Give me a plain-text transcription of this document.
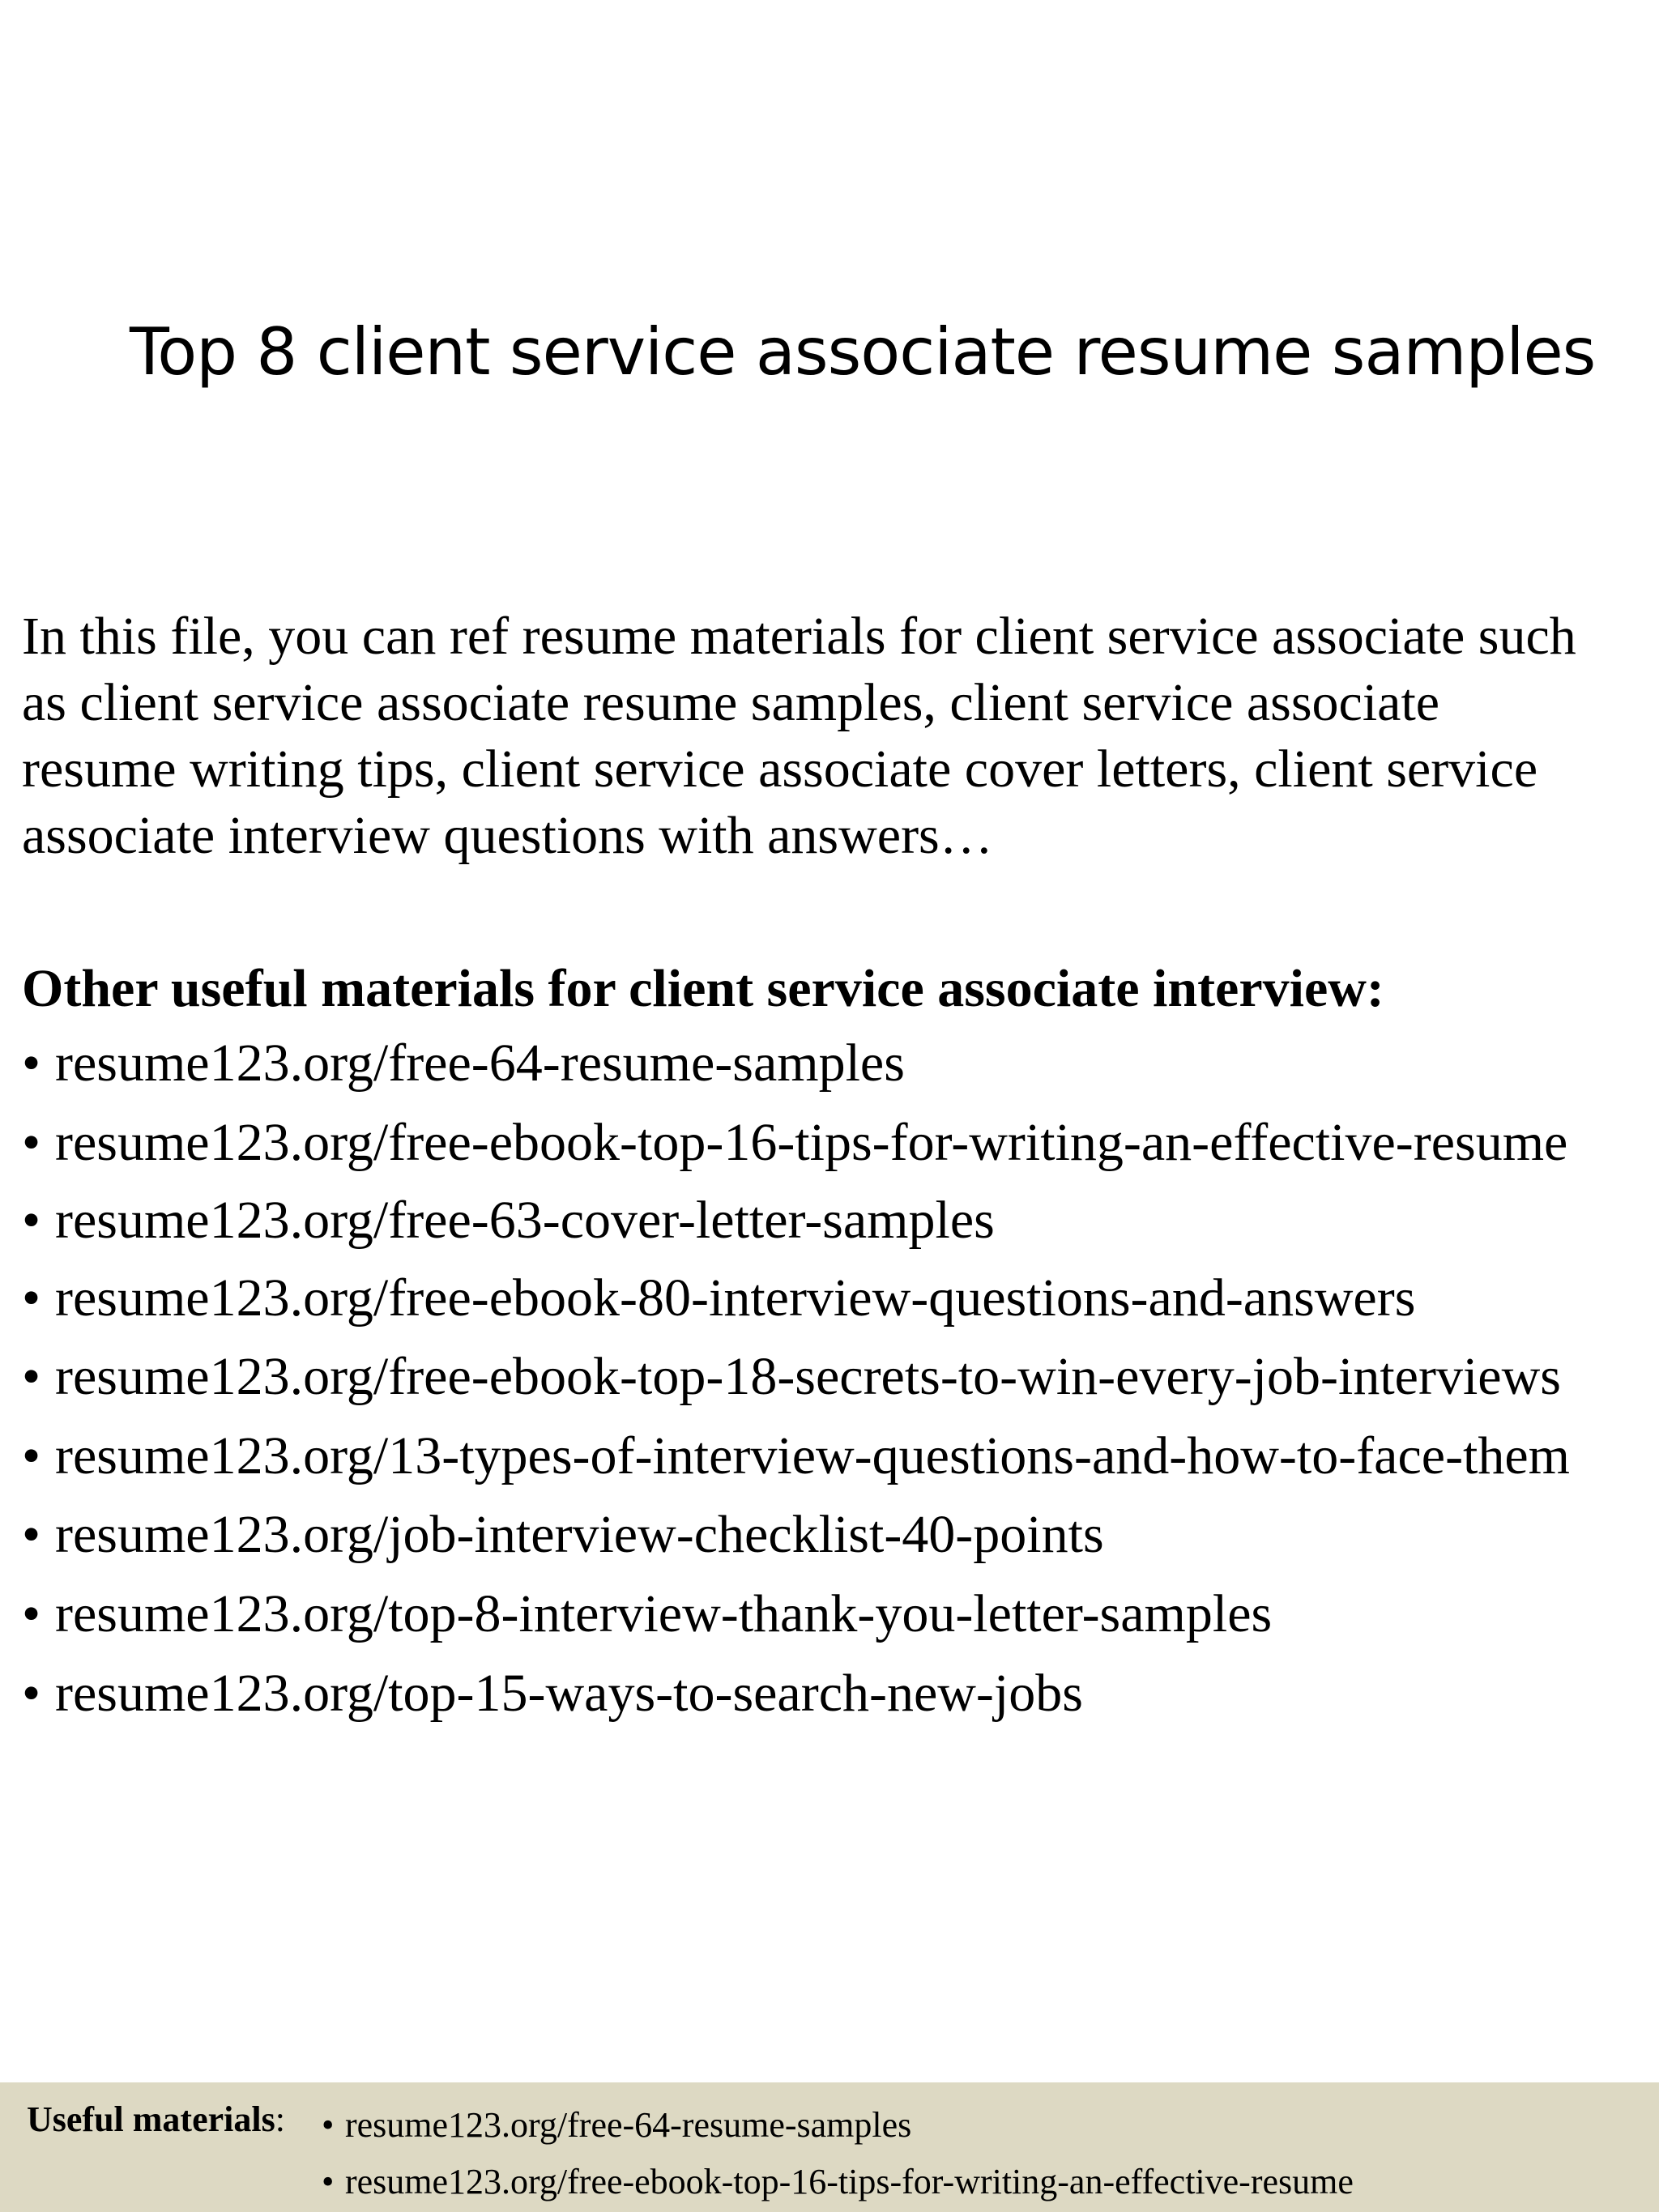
Top 8 client service associate resume samples

In this file, you can ref resume materials for client service associate such
as client service associate resume samples, client service associate
resume writing tips, client service associate cover letters, client service
associate interview questions with answers…

Other useful materials for client service associate interview:
• resume123.org/free-64-resume-samples
• resume123.org/free-ebook-top-16-tips-for-writing-an-effective-resume
• resume123.org/free-63-cover-letter-samples
• resume123.org/free-ebook-80-interview-questions-and-answers
• resume123.org/free-ebook-top-18-secrets-to-win-every-job-interviews
• resume123.org/13-types-of-interview-questions-and-how-to-face-them
• resume123.org/job-interview-checklist-40-points
• resume123.org/top-8-interview-thank-you-letter-samples
• resume123.org/top-15-ways-to-search-new-jobs
Useful materials: • resume123.org/free-64-resume-samples
• resume123.org/free-ebook-top-16-tips-for-writing-an-effective-resume
